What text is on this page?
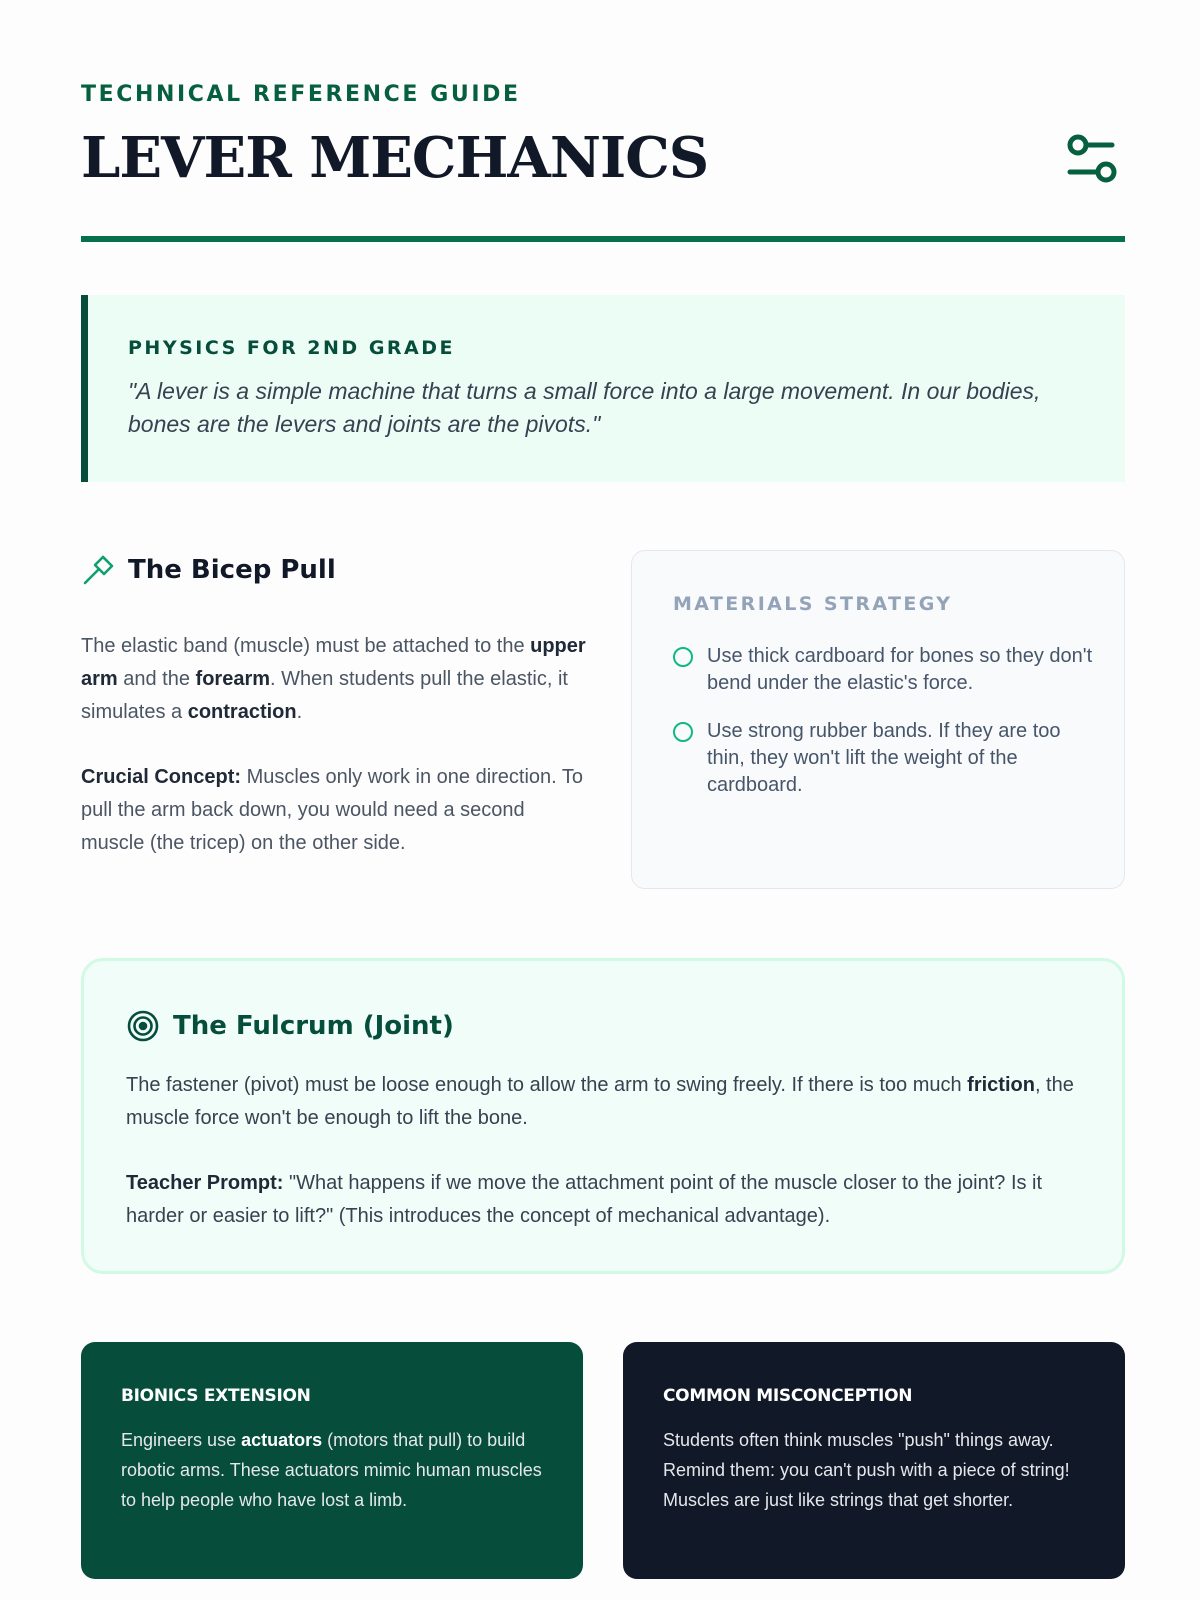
TECHNICAL REFERENCE GUIDE
LEVER MECHANICS
PHYSICS FOR 2ND GRADE

"A lever is a simple machine that turns a small force into a large movement. In our bodies, bones are the levers and joints are the pivots."

The Bicep Pull

The elastic band (muscle) must be attached to the upper arm and the forearm. When students pull the elastic, it simulates a contraction.

Crucial Concept: Muscles only work in one direction. To pull the arm back down, you would need a second muscle (the tricep) on the other side.

MATERIALS STRATEGY
Use thick cardboard for bones so they don't bend under the elastic's force.
Use strong rubber bands. If they are too thin, they won't lift the weight of the cardboard.
The Fulcrum (Joint)

The fastener (pivot) must be loose enough to allow the arm to swing freely. If there is too much friction, the muscle force won't be enough to lift the bone.

Teacher Prompt: "What happens if we move the attachment point of the muscle closer to the joint? Is it harder or easier to lift?" (This introduces the concept of mechanical advantage).

BIONICS EXTENSION

Engineers use actuators (motors that pull) to build robotic arms. These actuators mimic human muscles to help people who have lost a limb.

COMMON MISCONCEPTION

Students often think muscles "push" things away. Remind them: you can't push with a piece of string! Muscles are just like strings that get shorter.
